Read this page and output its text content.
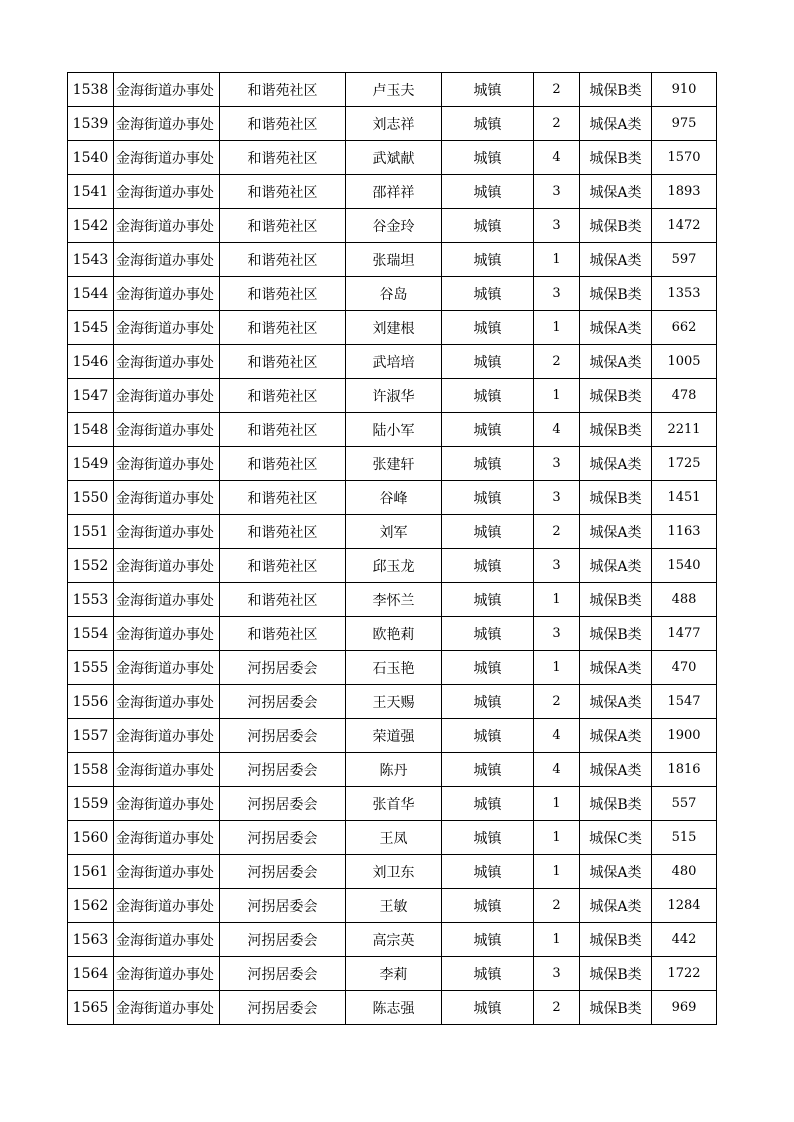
1538	金海街道办事处	和谐苑社区	卢玉夫	城镇	2	城保B类	910
1539	金海街道办事处	和谐苑社区	刘志祥	城镇	2	城保A类	975
1540	金海街道办事处	和谐苑社区	武斌献	城镇	4	城保B类	1570
1541	金海街道办事处	和谐苑社区	邵祥祥	城镇	3	城保A类	1893
1542	金海街道办事处	和谐苑社区	谷金玲	城镇	3	城保B类	1472
1543	金海街道办事处	和谐苑社区	张瑞坦	城镇	1	城保A类	597
1544	金海街道办事处	和谐苑社区	谷岛	城镇	3	城保B类	1353
1545	金海街道办事处	和谐苑社区	刘建根	城镇	1	城保A类	662
1546	金海街道办事处	和谐苑社区	武培培	城镇	2	城保A类	1005
1547	金海街道办事处	和谐苑社区	许淑华	城镇	1	城保B类	478
1548	金海街道办事处	和谐苑社区	陆小军	城镇	4	城保B类	2211
1549	金海街道办事处	和谐苑社区	张建轩	城镇	3	城保A类	1725
1550	金海街道办事处	和谐苑社区	谷峰	城镇	3	城保B类	1451
1551	金海街道办事处	和谐苑社区	刘军	城镇	2	城保A类	1163
1552	金海街道办事处	和谐苑社区	邱玉龙	城镇	3	城保A类	1540
1553	金海街道办事处	和谐苑社区	李怀兰	城镇	1	城保B类	488
1554	金海街道办事处	和谐苑社区	欧艳莉	城镇	3	城保B类	1477
1555	金海街道办事处	河拐居委会	石玉艳	城镇	1	城保A类	470
1556	金海街道办事处	河拐居委会	王天赐	城镇	2	城保A类	1547
1557	金海街道办事处	河拐居委会	荣道强	城镇	4	城保A类	1900
1558	金海街道办事处	河拐居委会	陈丹	城镇	4	城保A类	1816
1559	金海街道办事处	河拐居委会	张首华	城镇	1	城保B类	557
1560	金海街道办事处	河拐居委会	王凤	城镇	1	城保C类	515
1561	金海街道办事处	河拐居委会	刘卫东	城镇	1	城保A类	480
1562	金海街道办事处	河拐居委会	王敏	城镇	2	城保A类	1284
1563	金海街道办事处	河拐居委会	高宗英	城镇	1	城保B类	442
1564	金海街道办事处	河拐居委会	李莉	城镇	3	城保B类	1722
1565	金海街道办事处	河拐居委会	陈志强	城镇	2	城保B类	969
